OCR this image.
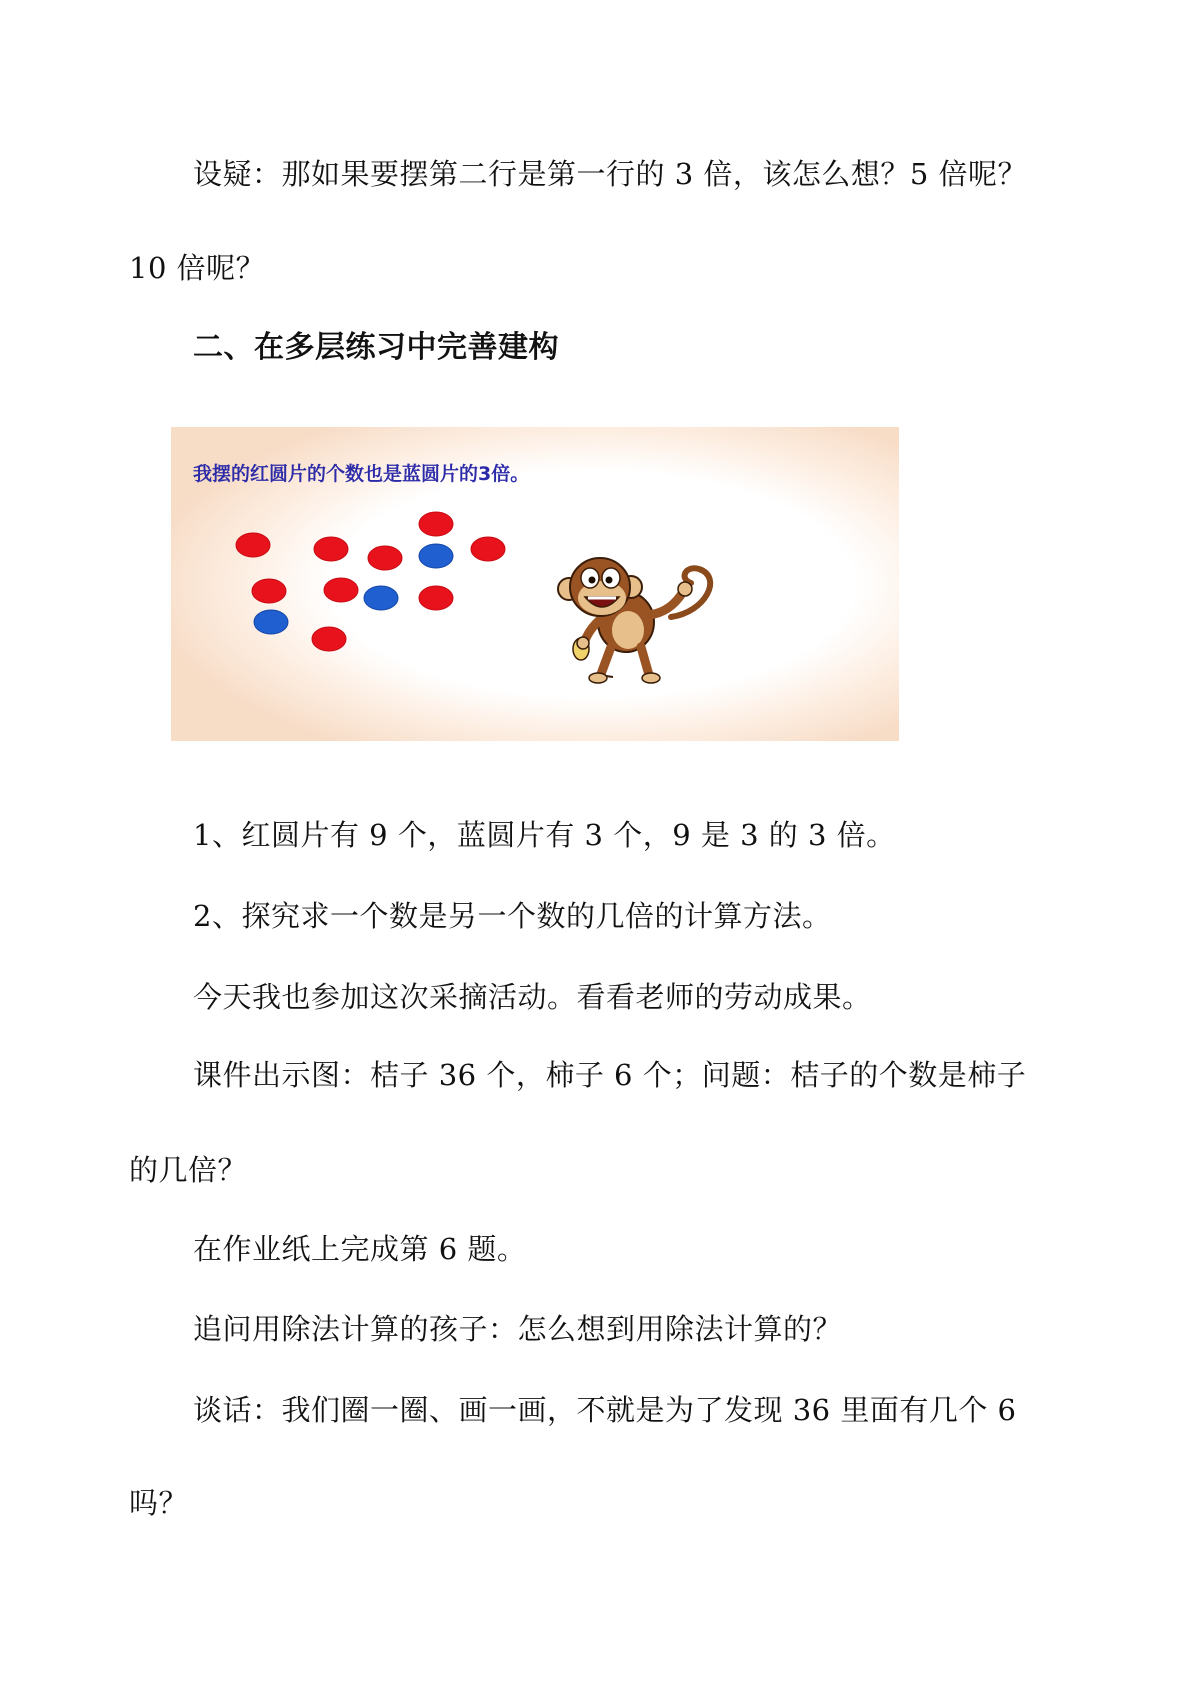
设疑：那如果要摆第二行是第一行的 3 倍，该怎么想？5 倍呢？
10 倍呢？
二、在多层练习中完善建构
我摆的红圆片的个数也是蓝圆片的3倍。
1、红圆片有 9 个，蓝圆片有 3 个，9 是 3 的 3 倍。
2、探究求一个数是另一个数的几倍的计算方法。
今天我也参加这次采摘活动。看看老师的劳动成果。
课件出示图：桔子 36 个，柿子 6 个；问题：桔子的个数是柿子
的几倍？
在作业纸上完成第 6 题。
追问用除法计算的孩子：怎么想到用除法计算的？
谈话：我们圈一圈、画一画，不就是为了发现 36 里面有几个 6
吗？
